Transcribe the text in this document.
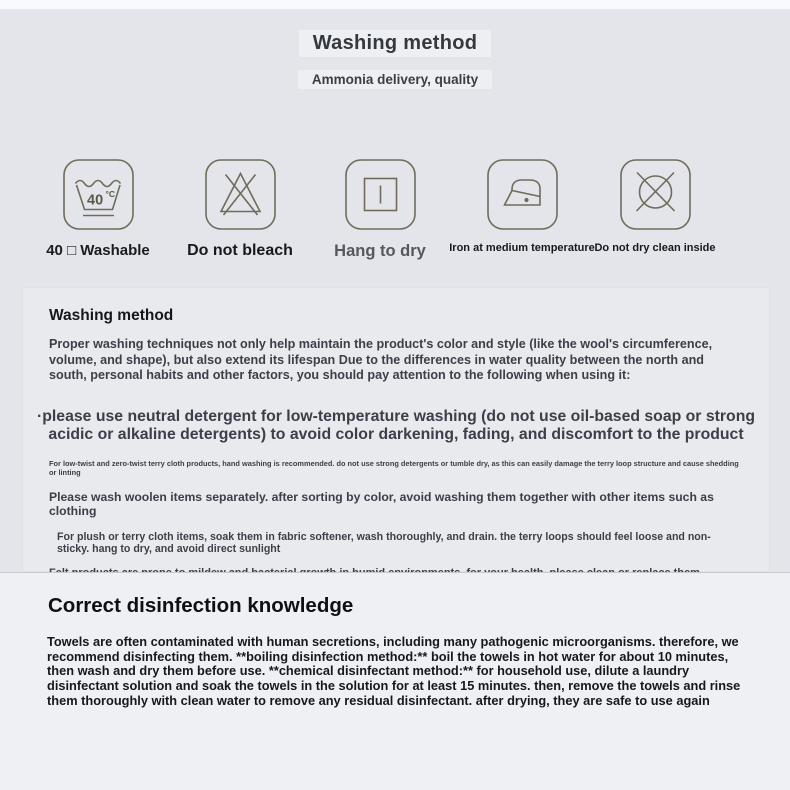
Washing method
Ammonia delivery, quality
40 °C
40 □ Washable	Do not bleach	Hang to dry	Iron at medium temperature Do not dry clean inside
Washing method

Proper washing techniques not only help maintain the product's color and style (like the wool's circumference, volume, and shape), but also extend its lifespan Due to the differences in water quality between the north and south, personal habits and other factors, you should pay attention to the following when using it:

·please use neutral detergent for low-temperature washing (do not use oil-based soap or strong acidic or alkaline detergents) to avoid color darkening, fading, and discomfort to the product

For low-twist and zero-twist terry cloth products, hand washing is recommended. do not use strong detergents or tumble dry, as this can easily damage the terry loop structure and cause shedding or linting

Please wash woolen items separately. after sorting by color, avoid washing them together with other items such as clothing

For plush or terry cloth items, soak them in fabric softener, wash thoroughly, and drain. the terry loops should feel loose and non-sticky. hang to dry, and avoid direct sunlight

Correct disinfection knowledge

Towels are often contaminated with human secretions, including many pathogenic microorganisms. therefore, we recommend disinfecting them. **boiling disinfection method:** boil the towels in hot water for about 10 minutes, then wash and dry them before use. **chemical disinfectant method:** for household use, dilute a laundry disinfectant solution and soak the towels in the solution for at least 15 minutes. then, remove the towels and rinse them thoroughly with clean water to remove any residual disinfectant. after drying, they are safe to use again
